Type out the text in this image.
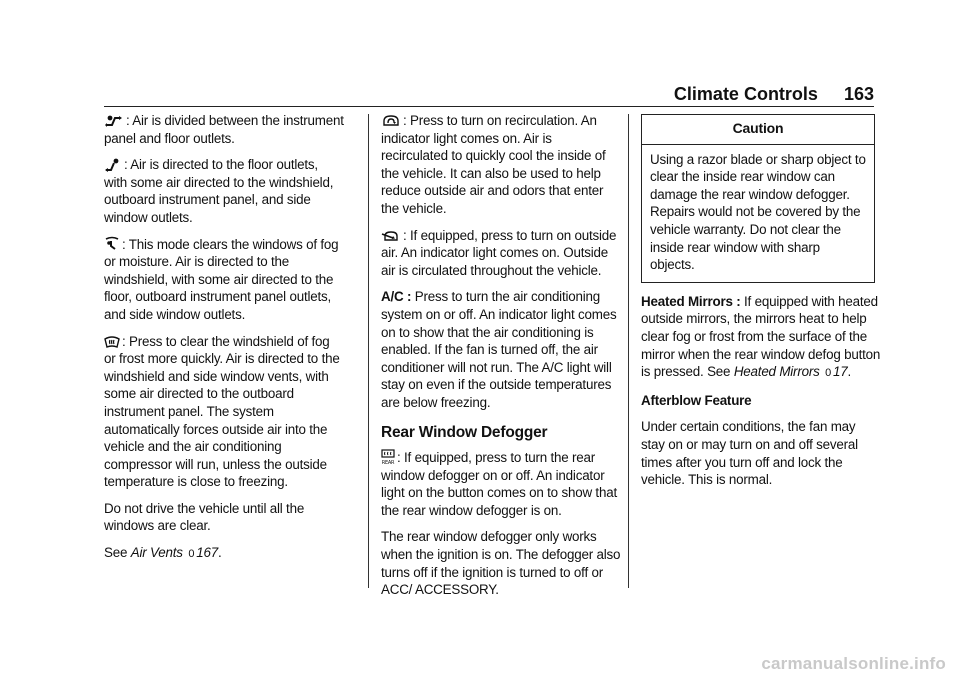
Climate Controls 163

: Air is divided between the instrument panel and floor outlets.

: Air is directed to the floor outlets, with some air directed to the windshield, outboard instrument panel, and side window outlets.

: This mode clears the windows of fog or moisture. Air is directed to the windshield, with some air directed to the floor, outboard instrument panel outlets, and side window outlets.

: Press to clear the windshield of fog or frost more quickly. Air is directed to the windshield and side window vents, with some air directed to the outboard instrument panel. The system automatically forces outside air into the vehicle and the air conditioning compressor will run, unless the outside temperature is close to freezing.

Do not drive the vehicle until all the windows are clear.

See Air Vents 0 167.

: Press to turn on recirculation. An indicator light comes on. Air is recirculated to quickly cool the inside of the vehicle. It can also be used to help reduce outside air and odors that enter the vehicle.

: If equipped, press to turn on outside air. An indicator light comes on. Outside air is circulated throughout the vehicle.

A/C : Press to turn the air conditioning system on or off. An indicator light comes on to show that the air conditioning is enabled. If the fan is turned off, the air conditioner will not run. The A/C light will stay on even if the outside temperatures are below freezing.

Rear Window Defogger

REAR : If equipped, press to turn the rear window defogger on or off. An indicator light on the button comes on to show that the rear window defogger is on.

The rear window defogger only works when the ignition is on. The defogger also turns off if the ignition is turned to off or ACC/ ACCESSORY.

Caution
Using a razor blade or sharp object to clear the inside rear window can damage the rear window defogger. Repairs would not be covered by the vehicle warranty. Do not clear the inside rear window with sharp objects.

Heated Mirrors : If equipped with heated outside mirrors, the mirrors heat to help clear fog or frost from the surface of the mirror when the rear window defog button is pressed. See Heated Mirrors 0 17.

Afterblow Feature

Under certain conditions, the fan may stay on or may turn on and off several times after you turn off and lock the vehicle. This is normal.

carmanualsonline.info
